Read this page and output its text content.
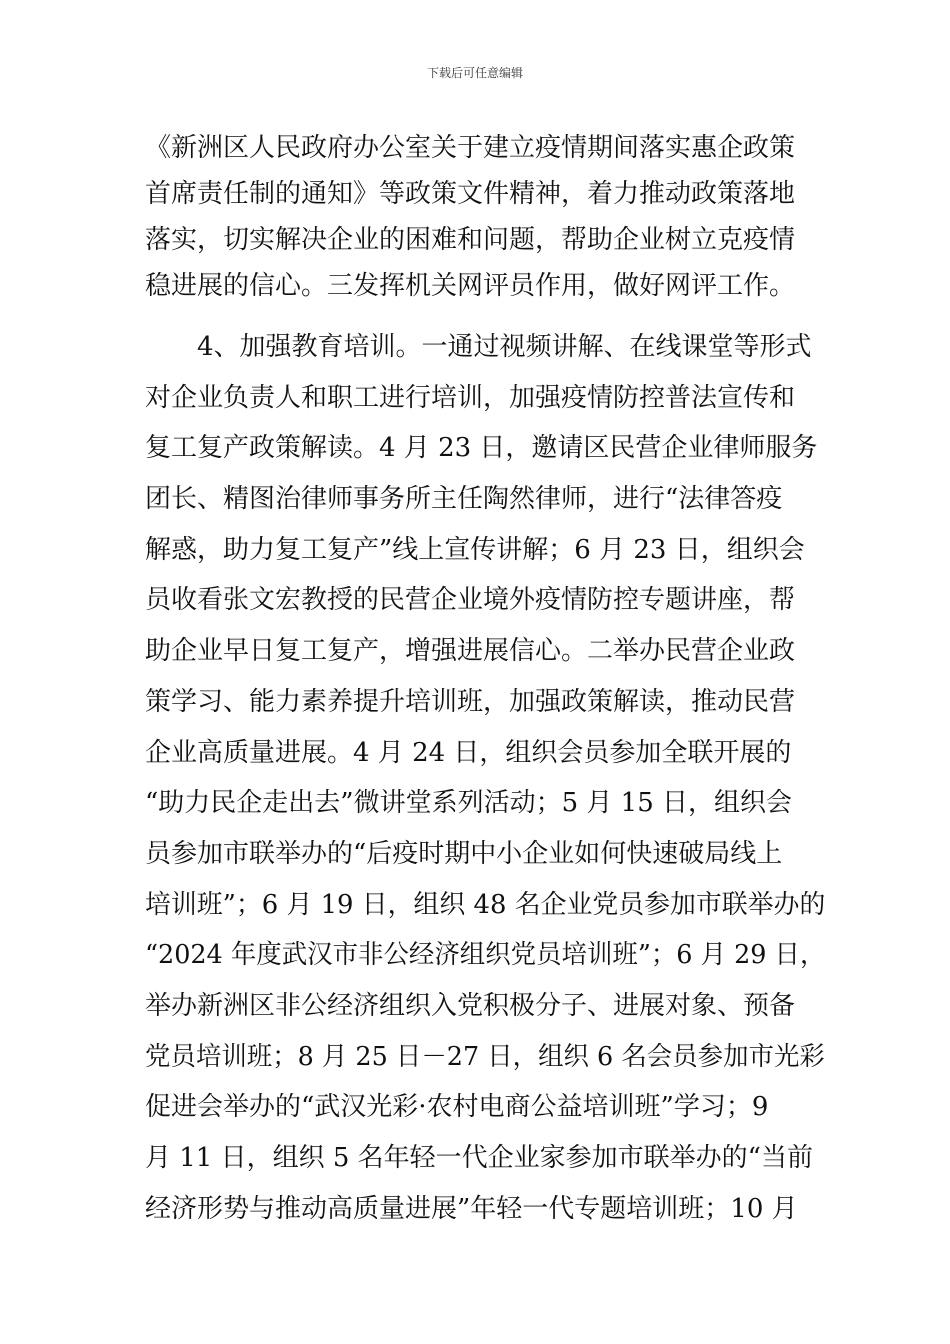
下载后可任意编辑
《新洲区人民政府办公室关于建立疫情期间落实惠企政策
首席责任制的通知》等政策文件精神，着力推动政策落地
落实，切实解决企业的困难和问题，帮助企业树立克疫情
稳进展的信心。三发挥机关网评员作用，做好网评工作。
4、加强教育培训。一通过视频讲解、在线课堂等形式
对企业负责人和职工进行培训，加强疫情防控普法宣传和
复工复产政策解读。4 月 23 日，邀请区民营企业律师服务
团长、精图治律师事务所主任陶然律师，进行“法律答疫
解惑，助力复工复产”线上宣传讲解；6 月 23 日，组织会
员收看张文宏教授的民营企业境外疫情防控专题讲座，帮
助企业早日复工复产，增强进展信心。二举办民营企业政
策学习、能力素养提升培训班，加强政策解读，推动民营
企业高质量进展。4 月 24 日，组织会员参加全联开展的
“助力民企走出去”微讲堂系列活动；5 月 15 日，组织会
员参加市联举办的“后疫时期中小企业如何快速破局线上
培训班”；6 月 19 日，组织 48 名企业党员参加市联举办的
“2024 年度武汉市非公经济组织党员培训班”；6 月 29 日，
举办新洲区非公经济组织入党积极分子、进展对象、预备
党员培训班；8 月 25 日－27 日，组织 6 名会员参加市光彩
促进会举办的“武汉光彩·农村电商公益培训班”学习；9
月 11 日，组织 5 名年轻一代企业家参加市联举办的“当前
经济形势与推动高质量进展”年轻一代专题培训班；10 月
